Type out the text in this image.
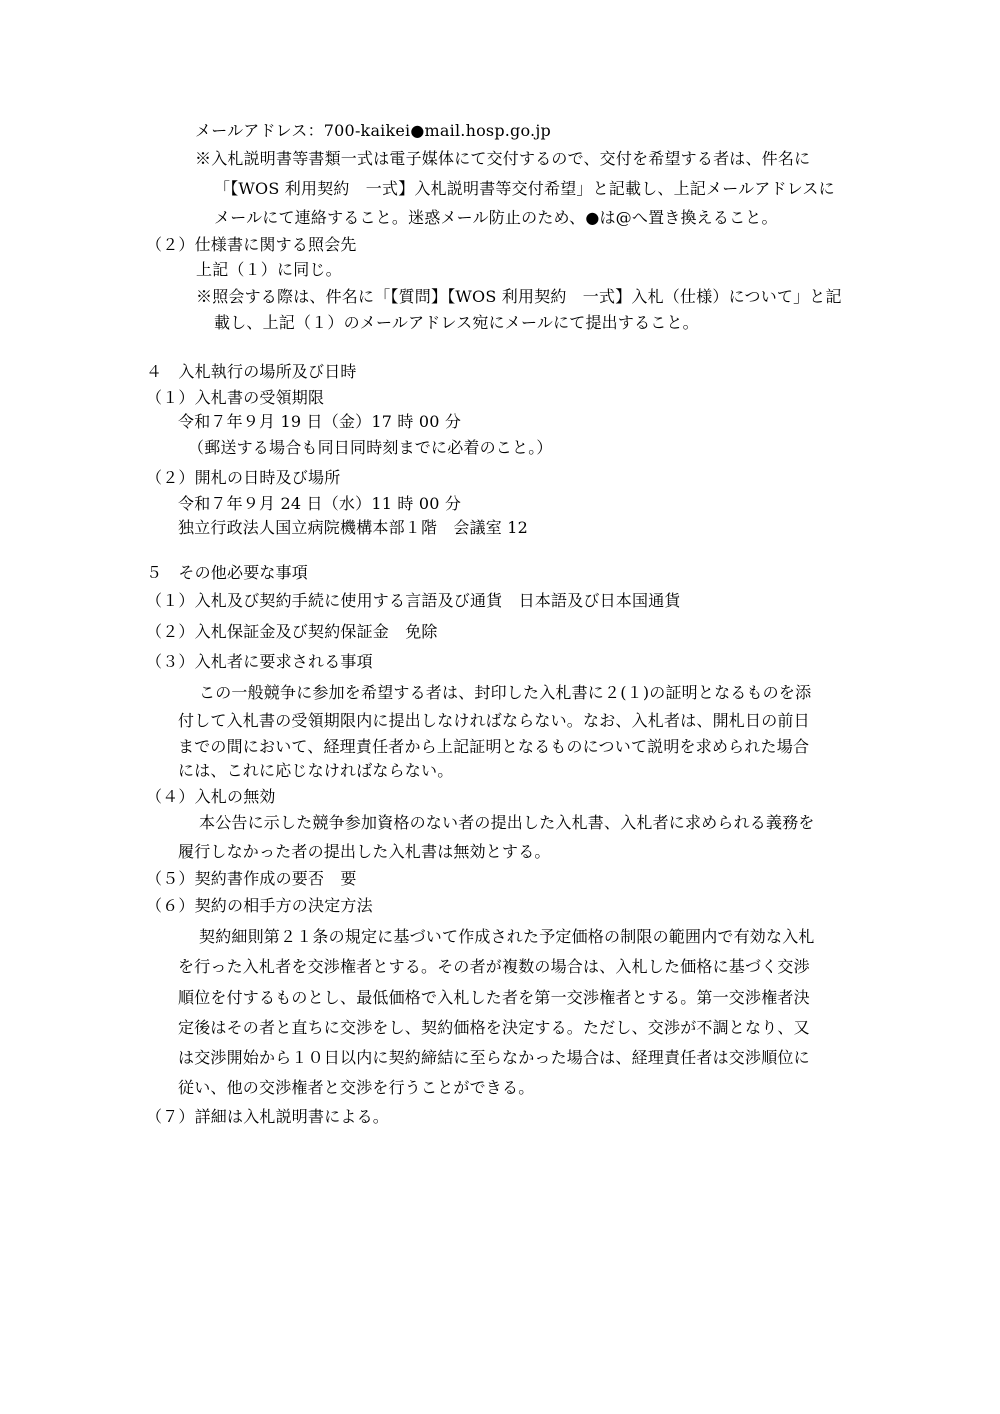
メールアドレス：700-kaikei●mail.hosp.go.jp
※入札説明書等書類一式は電子媒体にて交付するので、交付を希望する者は、件名に
「【WOS 利用契約　一式】入札説明書等交付希望」と記載し、上記メールアドレスに
メールにて連絡すること。迷惑メール防止のため、●は@へ置き換えること。
（２）仕様書に関する照会先
上記（１）に同じ。
※照会する際は、件名に「【質問】【WOS 利用契約　一式】入札（仕様）について」と記
載し、上記（１）のメールアドレス宛にメールにて提出すること。
４　入札執行の場所及び日時
（１）入札書の受領期限
令和７年９月 19 日（金）17 時 00 分
（郵送する場合も同日同時刻までに必着のこと。）
（２）開札の日時及び場所
令和７年９月 24 日（水）11 時 00 分
独立行政法人国立病院機構本部１階　会議室 12
５　その他必要な事項
（１）入札及び契約手続に使用する言語及び通貨　日本語及び日本国通貨
（２）入札保証金及び契約保証金　免除
（３）入札者に要求される事項
この一般競争に参加を希望する者は、封印した入札書に２(１)の証明となるものを添
付して入札書の受領期限内に提出しなければならない。なお、入札者は、開札日の前日
までの間において、経理責任者から上記証明となるものについて説明を求められた場合
には、これに応じなければならない。
（４）入札の無効
本公告に示した競争参加資格のない者の提出した入札書、入札者に求められる義務を
履行しなかった者の提出した入札書は無効とする。
（５）契約書作成の要否　要
（６）契約の相手方の決定方法
契約細則第２１条の規定に基づいて作成された予定価格の制限の範囲内で有効な入札
を行った入札者を交渉権者とする。その者が複数の場合は、入札した価格に基づく交渉
順位を付するものとし、最低価格で入札した者を第一交渉権者とする。第一交渉権者決
定後はその者と直ちに交渉をし、契約価格を決定する。ただし、交渉が不調となり、又
は交渉開始から１０日以内に契約締結に至らなかった場合は、経理責任者は交渉順位に
従い、他の交渉権者と交渉を行うことができる。
（７）詳細は入札説明書による。
